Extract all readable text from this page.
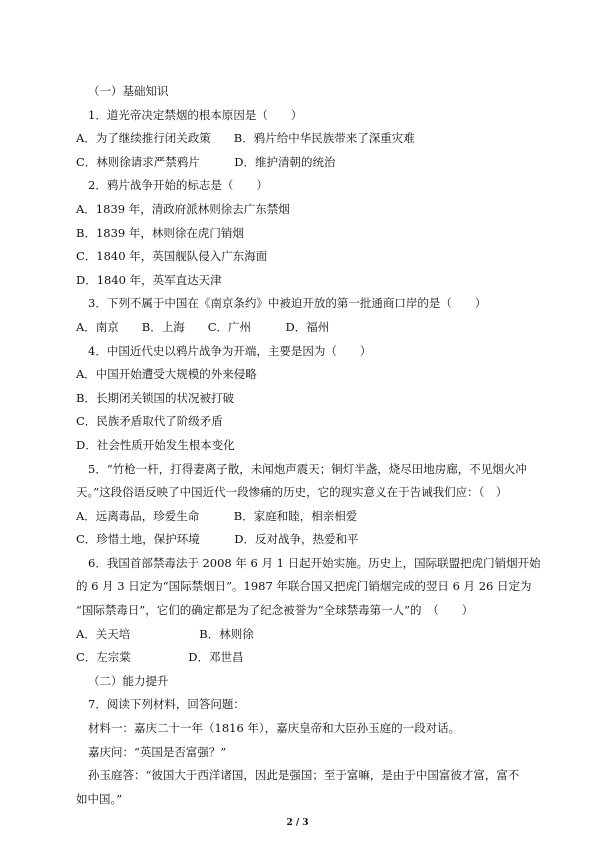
（一）基础知识
1．道光帝决定禁烟的根本原因是（　　）
A．为了继续推行闭关政策　　B．鸦片给中华民族带来了深重灾难
C．林则徐请求严禁鸦片　　　D．维护清朝的统治
2．鸦片战争开始的标志是（　　）
A．1839 年，清政府派林则徐去广东禁烟
B．1839 年，林则徐在虎门销烟
C．1840 年，英国舰队侵入广东海面
D．1840 年，英军直达天津
3．下列不属于中国在《南京条约》中被迫开放的第一批通商口岸的是（　　）
A．南京　　B．上海　　C．广州　　　D．福州
4．中国近代史以鸦片战争为开端，主要是因为（　　）
A．中国开始遭受大规模的外来侵略
B．长期闭关锁国的状况被打破
C．民族矛盾取代了阶级矛盾
D．社会性质开始发生根本变化
5．“竹枪一杆，打得妻离子散，未闻炮声震天；铜灯半盏，烧尽田地房廊，不见烟火冲
天。”这段俗语反映了中国近代一段惨痛的历史，它的现实意义在于告诫我们应：（　）
A．远离毒品，珍爱生命　　　B．家庭和睦，相亲相爱
C．珍惜土地，保护环境　　　D．反对战争，热爱和平
6．我国首部禁毒法于 2008 年 6 月 1 日起开始实施。历史上，国际联盟把虎门销烟开始
的 6 月 3 日定为“国际禁烟日”。1987 年联合国又把虎门销烟完成的翌日 6 月 26 日定为
“国际禁毒日”，它们的确定都是为了纪念被誉为“全球禁毒第一人”的　（　　）
A．关天培　　　　　　B．林则徐
C．左宗棠　　　　　D．邓世昌
（二）能力提升
7．阅读下列材料，回答问题：
材料一：嘉庆二十一年（1816 年），嘉庆皇帝和大臣孙玉庭的一段对话。
嘉庆问：“英国是否富强？”
孙玉庭答：“彼国大于西洋诸国，因此是强国；至于富嘛，是由于中国富彼才富，富不
如中国。”
2 / 3
